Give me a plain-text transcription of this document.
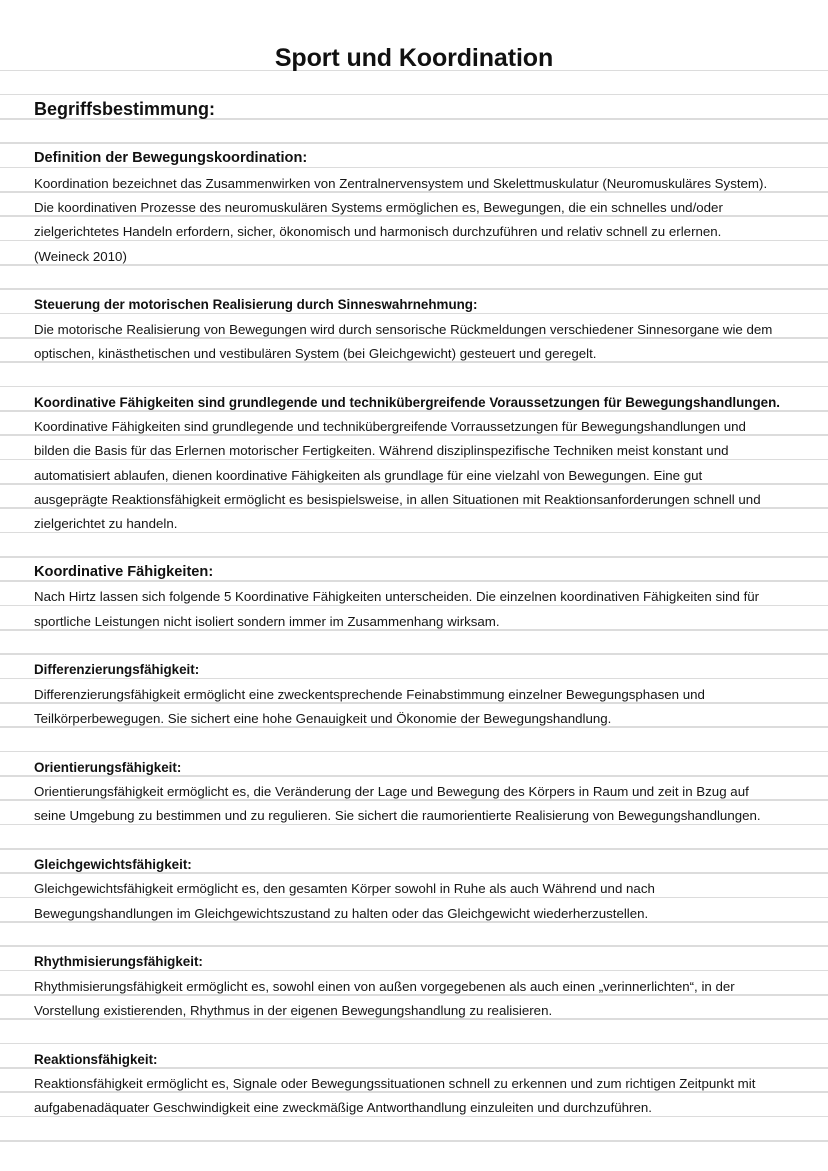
Sport und Koordination
Begriffsbestimmung:
Definition der Bewegungskoordination:
Koordination bezeichnet das Zusammenwirken von Zentralnervensystem und Skelettmuskulatur (Neuromuskuläres System).
Die koordinativen Prozesse des neuromuskulären Systems ermöglichen es, Bewegungen, die ein schnelles und/oder
zielgerichtetes Handeln erfordern, sicher, ökonomisch und harmonisch durchzuführen und relativ schnell zu erlernen.
(Weineck 2010)
Steuerung der motorischen Realisierung durch Sinneswahrnehmung:
Die motorische Realisierung von Bewegungen wird durch sensorische Rückmeldungen verschiedener Sinnesorgane wie dem
optischen, kinästhetischen und vestibulären System (bei Gleichgewicht) gesteuert und geregelt.
Koordinative Fähigkeiten sind grundlegende und technikübergreifende Voraussetzungen für Bewegungshandlungen.
Koordinative Fähigkeiten sind grundlegende und technikübergreifende Vorraussetzungen für Bewegungshandlungen und
bilden die Basis für das Erlernen motorischer Fertigkeiten. Während disziplinspezifische Techniken meist konstant und
automatisiert ablaufen, dienen koordinative Fähigkeiten als grundlage für eine vielzahl von Bewegungen. Eine gut
ausgeprägte Reaktionsfähigkeit ermöglicht es besispielsweise, in allen Situationen mit Reaktionsanforderungen schnell und
zielgerichtet zu handeln.
Koordinative Fähigkeiten:
Nach Hirtz lassen sich folgende 5 Koordinative Fähigkeiten unterscheiden. Die einzelnen koordinativen Fähigkeiten sind für
sportliche Leistungen nicht isoliert sondern immer im Zusammenhang wirksam.
Differenzierungsfähigkeit:
Differenzierungsfähigkeit ermöglicht eine zweckentsprechende Feinabstimmung einzelner Bewegungsphasen und
Teilkörperbewegugen. Sie sichert eine hohe Genauigkeit und Ökonomie der Bewegungshandlung.
Orientierungsfähigkeit:
Orientierungsfähigkeit ermöglicht es, die Veränderung der Lage und Bewegung des Körpers in Raum und zeit in Bzug auf
seine Umgebung zu bestimmen und zu regulieren. Sie sichert die raumorientierte Realisierung von Bewegungshandlungen.
Gleichgewichtsfähigkeit:
Gleichgewichtsfähigkeit ermöglicht es, den gesamten Körper sowohl in Ruhe als auch Während und nach
Bewegungshandlungen im Gleichgewichtszustand zu halten oder das Gleichgewicht wiederherzustellen.
Rhythmisierungsfähigkeit:
Rhythmisierungsfähigkeit ermöglicht es, sowohl einen von außen vorgegebenen als auch einen „verinnerlichten“, in der
Vorstellung existierenden, Rhythmus in der eigenen Bewegungshandlung zu realisieren.
Reaktionsfähigkeit:
Reaktionsfähigkeit ermöglicht es, Signale oder Bewegungssituationen schnell zu erkennen und zum richtigen Zeitpunkt mit
aufgabenadäquater Geschwindigkeit eine zweckmäßige Antworthandlung einzuleiten und durchzuführen.
